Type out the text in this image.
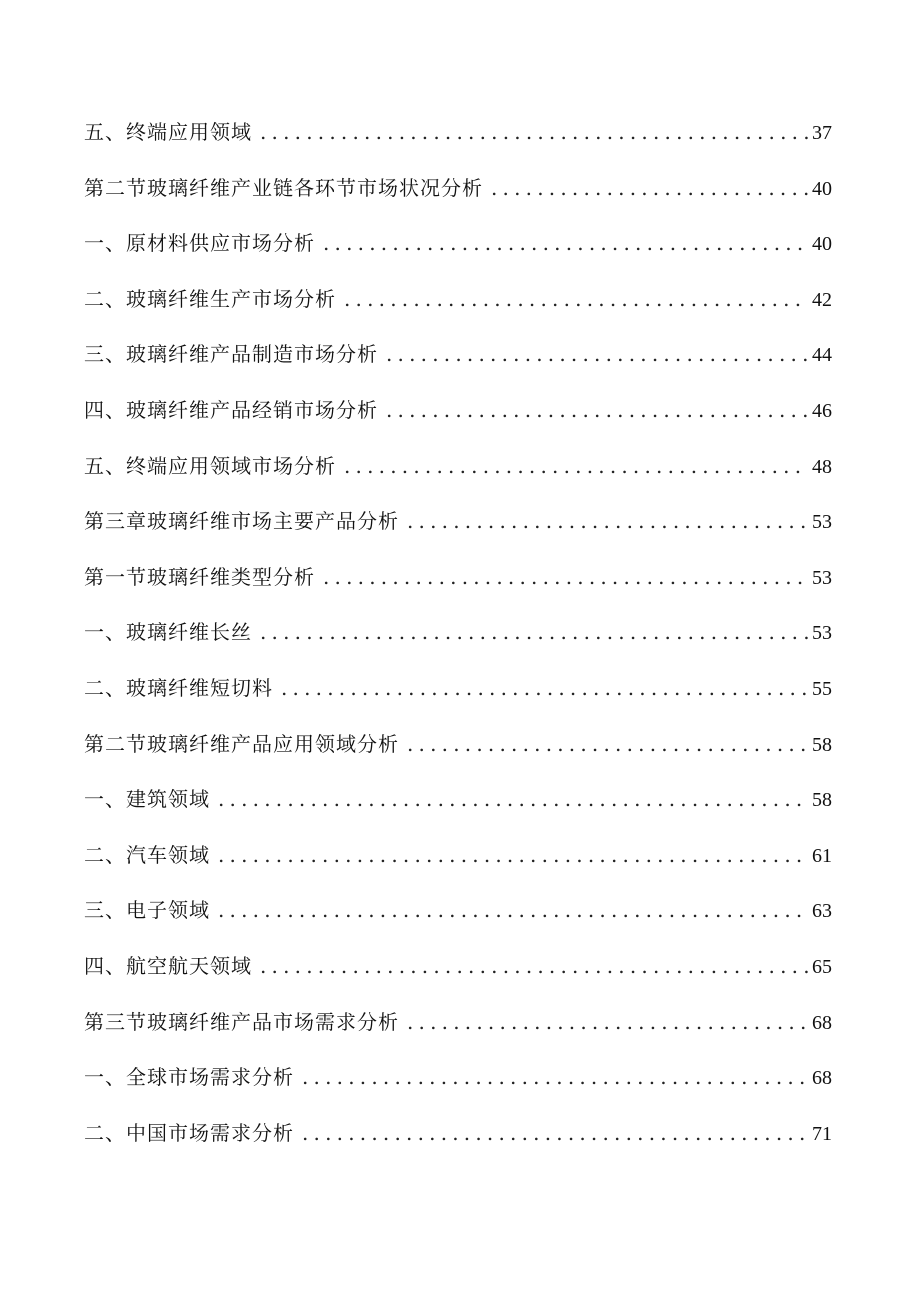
五、终端应用领域 .....	37
第二节玻璃纤维产业链各环节市场状况分析 .....	40
一、原材料供应市场分析 .....	40
二、玻璃纤维生产市场分析 .....	42
三、玻璃纤维产品制造市场分析 .....	44
四、玻璃纤维产品经销市场分析 .....	46
五、终端应用领域市场分析 .....	48
第三章玻璃纤维市场主要产品分析 .....	53
第一节玻璃纤维类型分析 .....	53
一、玻璃纤维长丝 .....	53
二、玻璃纤维短切料 .....	55
第二节玻璃纤维产品应用领域分析 .....	58
一、建筑领域 .....	58
二、汽车领域 .....	61
三、电子领域 .....	63
四、航空航天领域 .....	65
第三节玻璃纤维产品市场需求分析 .....	68
一、全球市场需求分析 .....	68
二、中国市场需求分析 .....	71
